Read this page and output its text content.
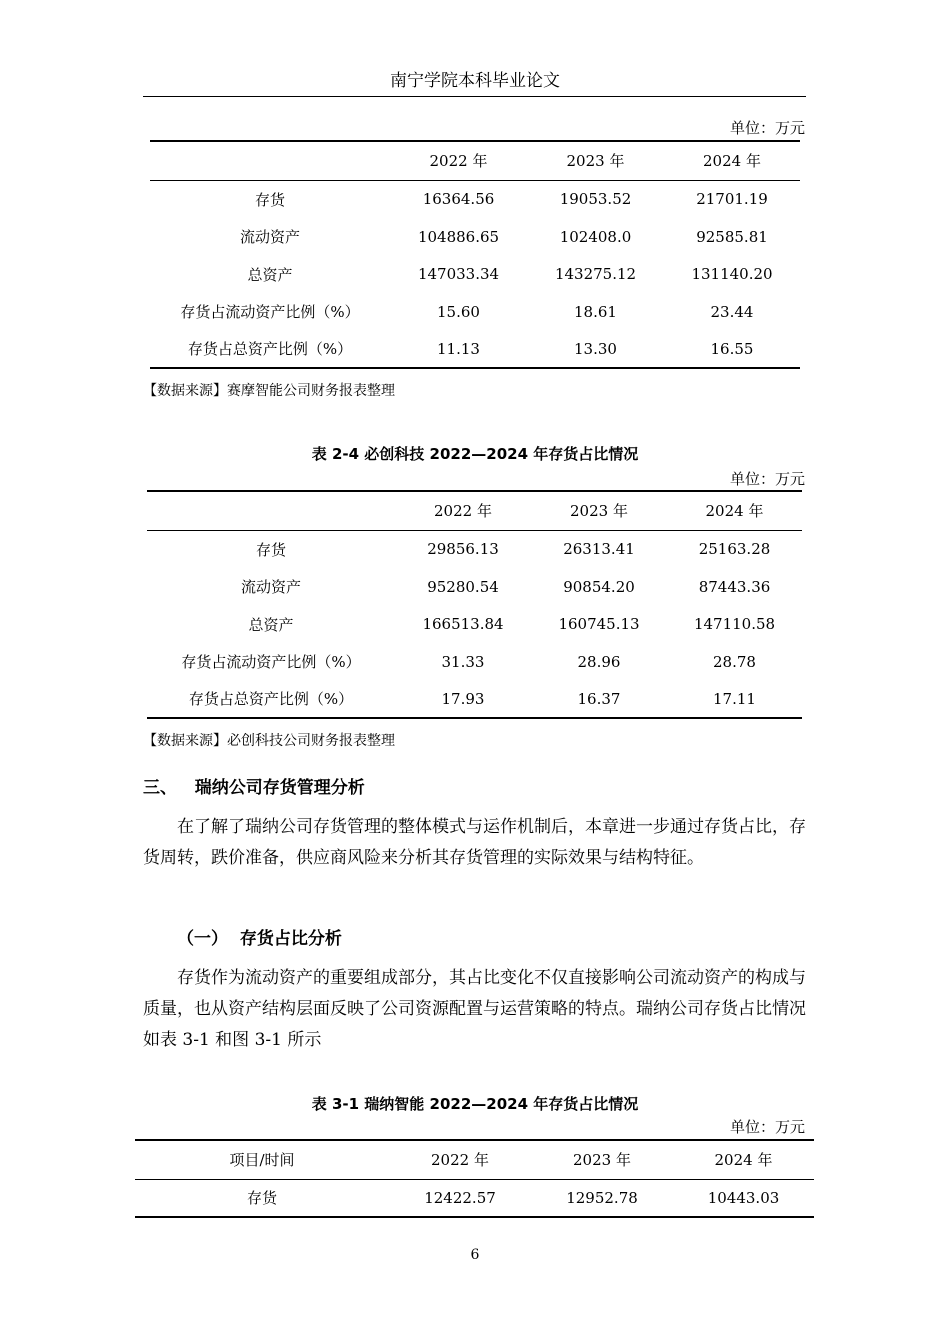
南宁学院本科毕业论文
单位：万元
	2022 年	2023 年	2024 年
存货	16364.56	19053.52	21701.19
流动资产	104886.65	102408.0	92585.81
总资产	147033.34	143275.12	131140.20
存货占流动资产比例（%）	15.60	18.61	23.44
存货占总资产比例（%）	11.13	13.30	16.55
【数据来源】赛摩智能公司财务报表整理
表 2-4 必创科技 2022—2024 年存货占比情况
单位：万元
	2022 年	2023 年	2024 年
存货	29856.13	26313.41	25163.28
流动资产	95280.54	90854.20	87443.36
总资产	166513.84	160745.13	147110.58
存货占流动资产比例（%）	31.33	28.96	28.78
存货占总资产比例（%）	17.93	16.37	17.11
【数据来源】必创科技公司财务报表整理
三、   瑞纳公司存货管理分析
在了解了瑞纳公司存货管理的整体模式与运作机制后，本章进一步通过存货占比，存货周转，跌价准备，供应商风险来分析其存货管理的实际效果与结构特征。
（一）  存货占比分析
存货作为流动资产的重要组成部分，其占比变化不仅直接影响公司流动资产的构成与质量，也从资产结构层面反映了公司资源配置与运营策略的特点。瑞纳公司存货占比情况如表 3-1 和图 3-1 所示
表 3-1 瑞纳智能 2022—2024 年存货占比情况
单位：万元
项目/时间	2022 年	2023 年	2024 年
存货	12422.57	12952.78	10443.03
6
